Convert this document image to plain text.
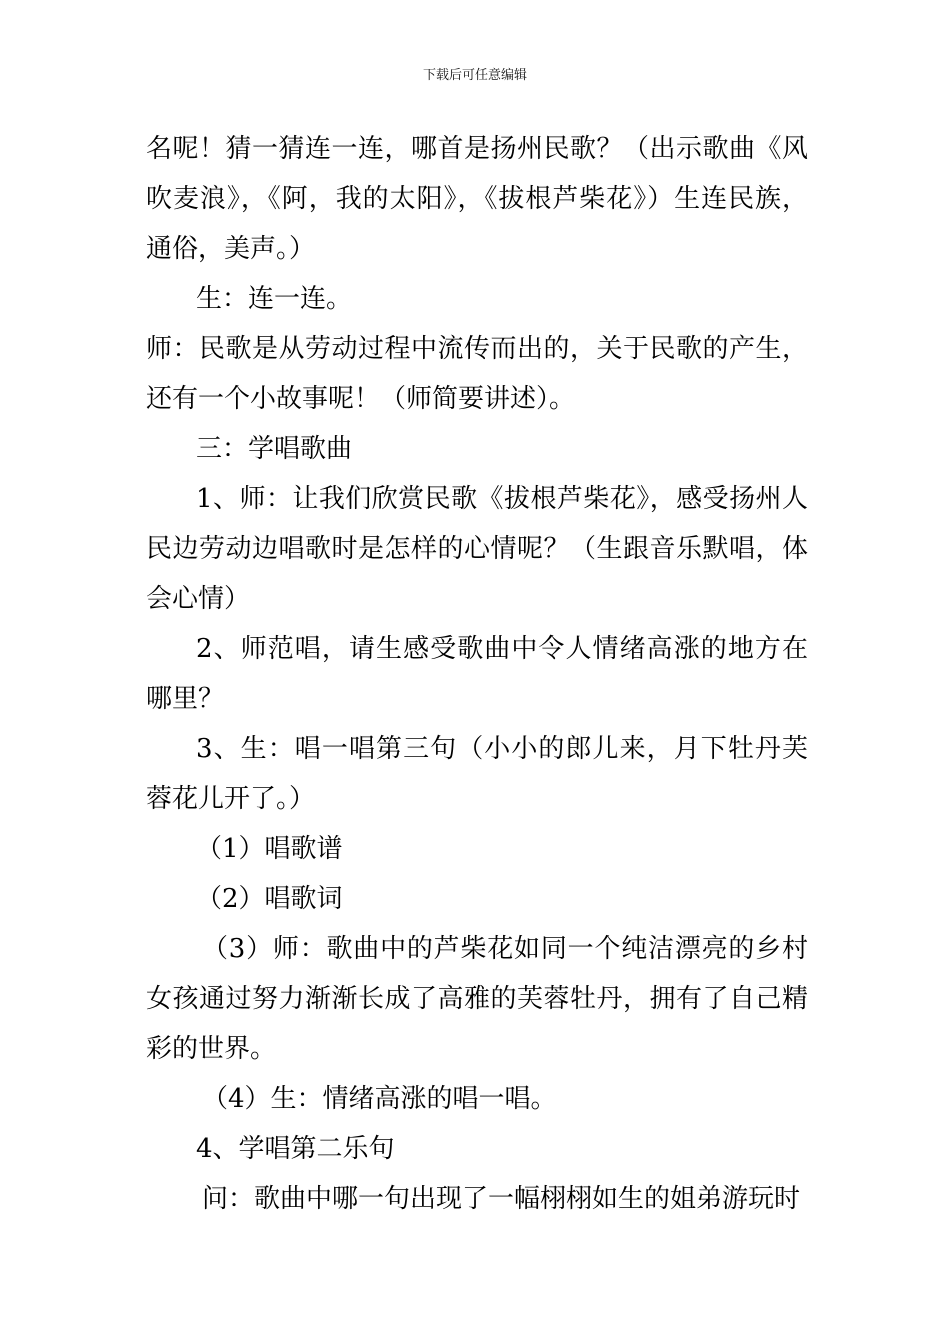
下载后可任意编辑

名呢！猜一猜连一连，哪首是扬州民歌？（出示歌曲《风吹麦浪》，《阿，我的太阳》，《拔根芦柴花》）生连民族，通俗，美声。）

生：连一连。

师：民歌是从劳动过程中流传而出的，关于民歌的产生，还有一个小故事呢！（师简要讲述）。

三：学唱歌曲

1、师：让我们欣赏民歌《拔根芦柴花》，感受扬州人民边劳动边唱歌时是怎样的心情呢？（生跟音乐默唱，体会心情）

2、师范唱，请生感受歌曲中令人情绪高涨的地方在哪里？

3、生：唱一唱第三句（小小的郎儿来，月下牡丹芙蓉花儿开了。）

（1）唱歌谱

（2）唱歌词

（3）师：歌曲中的芦柴花如同一个纯洁漂亮的乡村女孩通过努力渐渐长成了高雅的芙蓉牡丹，拥有了自己精彩的世界。

（4）生：情绪高涨的唱一唱。

4、学唱第二乐句

问：歌曲中哪一句出现了一幅栩栩如生的姐弟游玩时
